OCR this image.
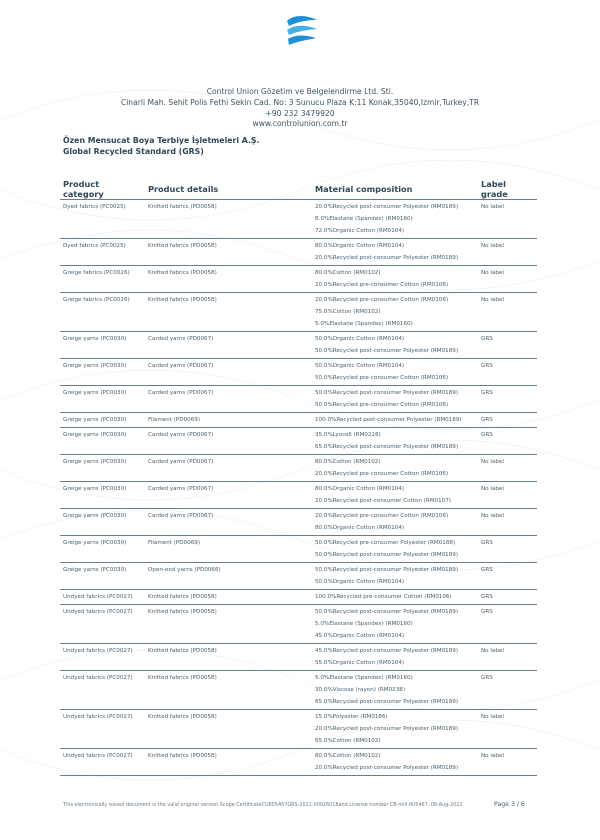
Control Union Gözetim ve Belgelendirme Ltd. Sti.
Cinarli Mah. Sehit Polis Fethi Sekin Cad. No: 3 Sunucu Plaza K:11 Konak,35040,Izmir,Turkey,TR
+90 232 3479920
www.controlunion.com.tr
Özen Mensucat Boya Terbiye İşletmeleri A.Ş.
Global Recycled Standard (GRS)
Product category	Product details	Material composition	Label grade
Dyed fabrics (PC0025)	Knitted fabrics (PD0058)	20.0%Recycled post-consumer Polyester (RM0189)
8.0%Elastane (Spandex) (RM0160)
72.0%Organic Cotton (RM0104)	No label
Dyed fabrics (PC0025)	Knitted fabrics (PD0058)	80.0%Organic Cotton (RM0104)
20.0%Recycled post-consumer Polyester (RM0189)	No label
Greige fabrics (PC0026)	Knitted fabrics (PD0058)	80.0%Cotton (RM0102)
20.0%Recycled pre-consumer Cotton (RM0106)	No label
Greige fabrics (PC0026)	Knitted fabrics (PD0058)	20.0%Recycled pre-consumer Cotton (RM0106)
75.0%Cotton (RM0102)
5.0%Elastane (Spandex) (RM0160)	No label
Greige yarns (PC0030)	Carded yarns (PD0067)	50.0%Organic Cotton (RM0104)
50.0%Recycled post-consumer Polyester (RM0189)	GRS
Greige yarns (PC0030)	Carded yarns (PD0067)	50.0%Organic Cotton (RM0104)
50.0%Recycled pre-consumer Cotton (RM0106)	GRS
Greige yarns (PC0030)	Carded yarns (PD0067)	50.0%Recycled post-consumer Polyester (RM0189)
50.0%Recycled pre-consumer Cotton (RM0106)	GRS
Greige yarns (PC0030)	Filament (PD0069)	100.0%Recycled post-consumer Polyester (RM0189)	GRS
Greige yarns (PC0030)	Carded yarns (PD0067)	35.0%Lyocell (RM0226)
65.0%Recycled post-consumer Polyester (RM0189)	GRS
Greige yarns (PC0030)	Carded yarns (PD0067)	80.0%Cotton (RM0102)
20.0%Recycled pre-consumer Cotton (RM0106)	No label
Greige yarns (PC0030)	Carded yarns (PD0067)	80.0%Organic Cotton (RM0104)
20.0%Recycled post-consumer Cotton (RM0107)	No label
Greige yarns (PC0030)	Carded yarns (PD0067)	20.0%Recycled pre-consumer Cotton (RM0106)
80.0%Organic Cotton (RM0104)	No label
Greige yarns (PC0030)	Filament (PD0069)	50.0%Recycled pre-consumer Polyester (RM0188)
50.0%Recycled post-consumer Polyester (RM0189)	GRS
Greige yarns (PC0030)	Open-end yarns (PD0066)	50.0%Recycled post-consumer Polyester (RM0189)
50.0%Organic Cotton (RM0104)	GRS
Undyed fabrics (PC0027)	Knitted fabrics (PD0058)	100.0%Recycled pre-consumer Cotton (RM0106)	GRS
Undyed fabrics (PC0027)	Knitted fabrics (PD0058)	50.0%Recycled post-consumer Polyester (RM0189)
5.0%Elastane (Spandex) (RM0160)
45.0%Organic Cotton (RM0104)	GRS
Undyed fabrics (PC0027)	Knitted fabrics (PD0058)	45.0%Recycled post-consumer Polyester (RM0189)
55.0%Organic Cotton (RM0104)	No label
Undyed fabrics (PC0027)	Knitted fabrics (PD0058)	5.0%Elastane (Spandex) (RM0160)
30.0%Viscose (rayon) (RM0238)
65.0%Recycled post-consumer Polyester (RM0189)	GRS
Undyed fabrics (PC0027)	Knitted fabrics (PD0058)	15.0%Polyester (RM0186)
20.0%Recycled post-consumer Polyester (RM0189)
65.0%Cotton (RM0102)	No label
Undyed fabrics (PC0027)	Knitted fabrics (PD0058)	80.0%Cotton (RM0102)
20.0%Recycled post-consumer Polyester (RM0189)	No label
This electronically issued document is the valid original version.Scope CertificateCU805467GRS-2022-00026018and License number CB-mill-805467, 08-Aug-2022	Page 3 / 6
